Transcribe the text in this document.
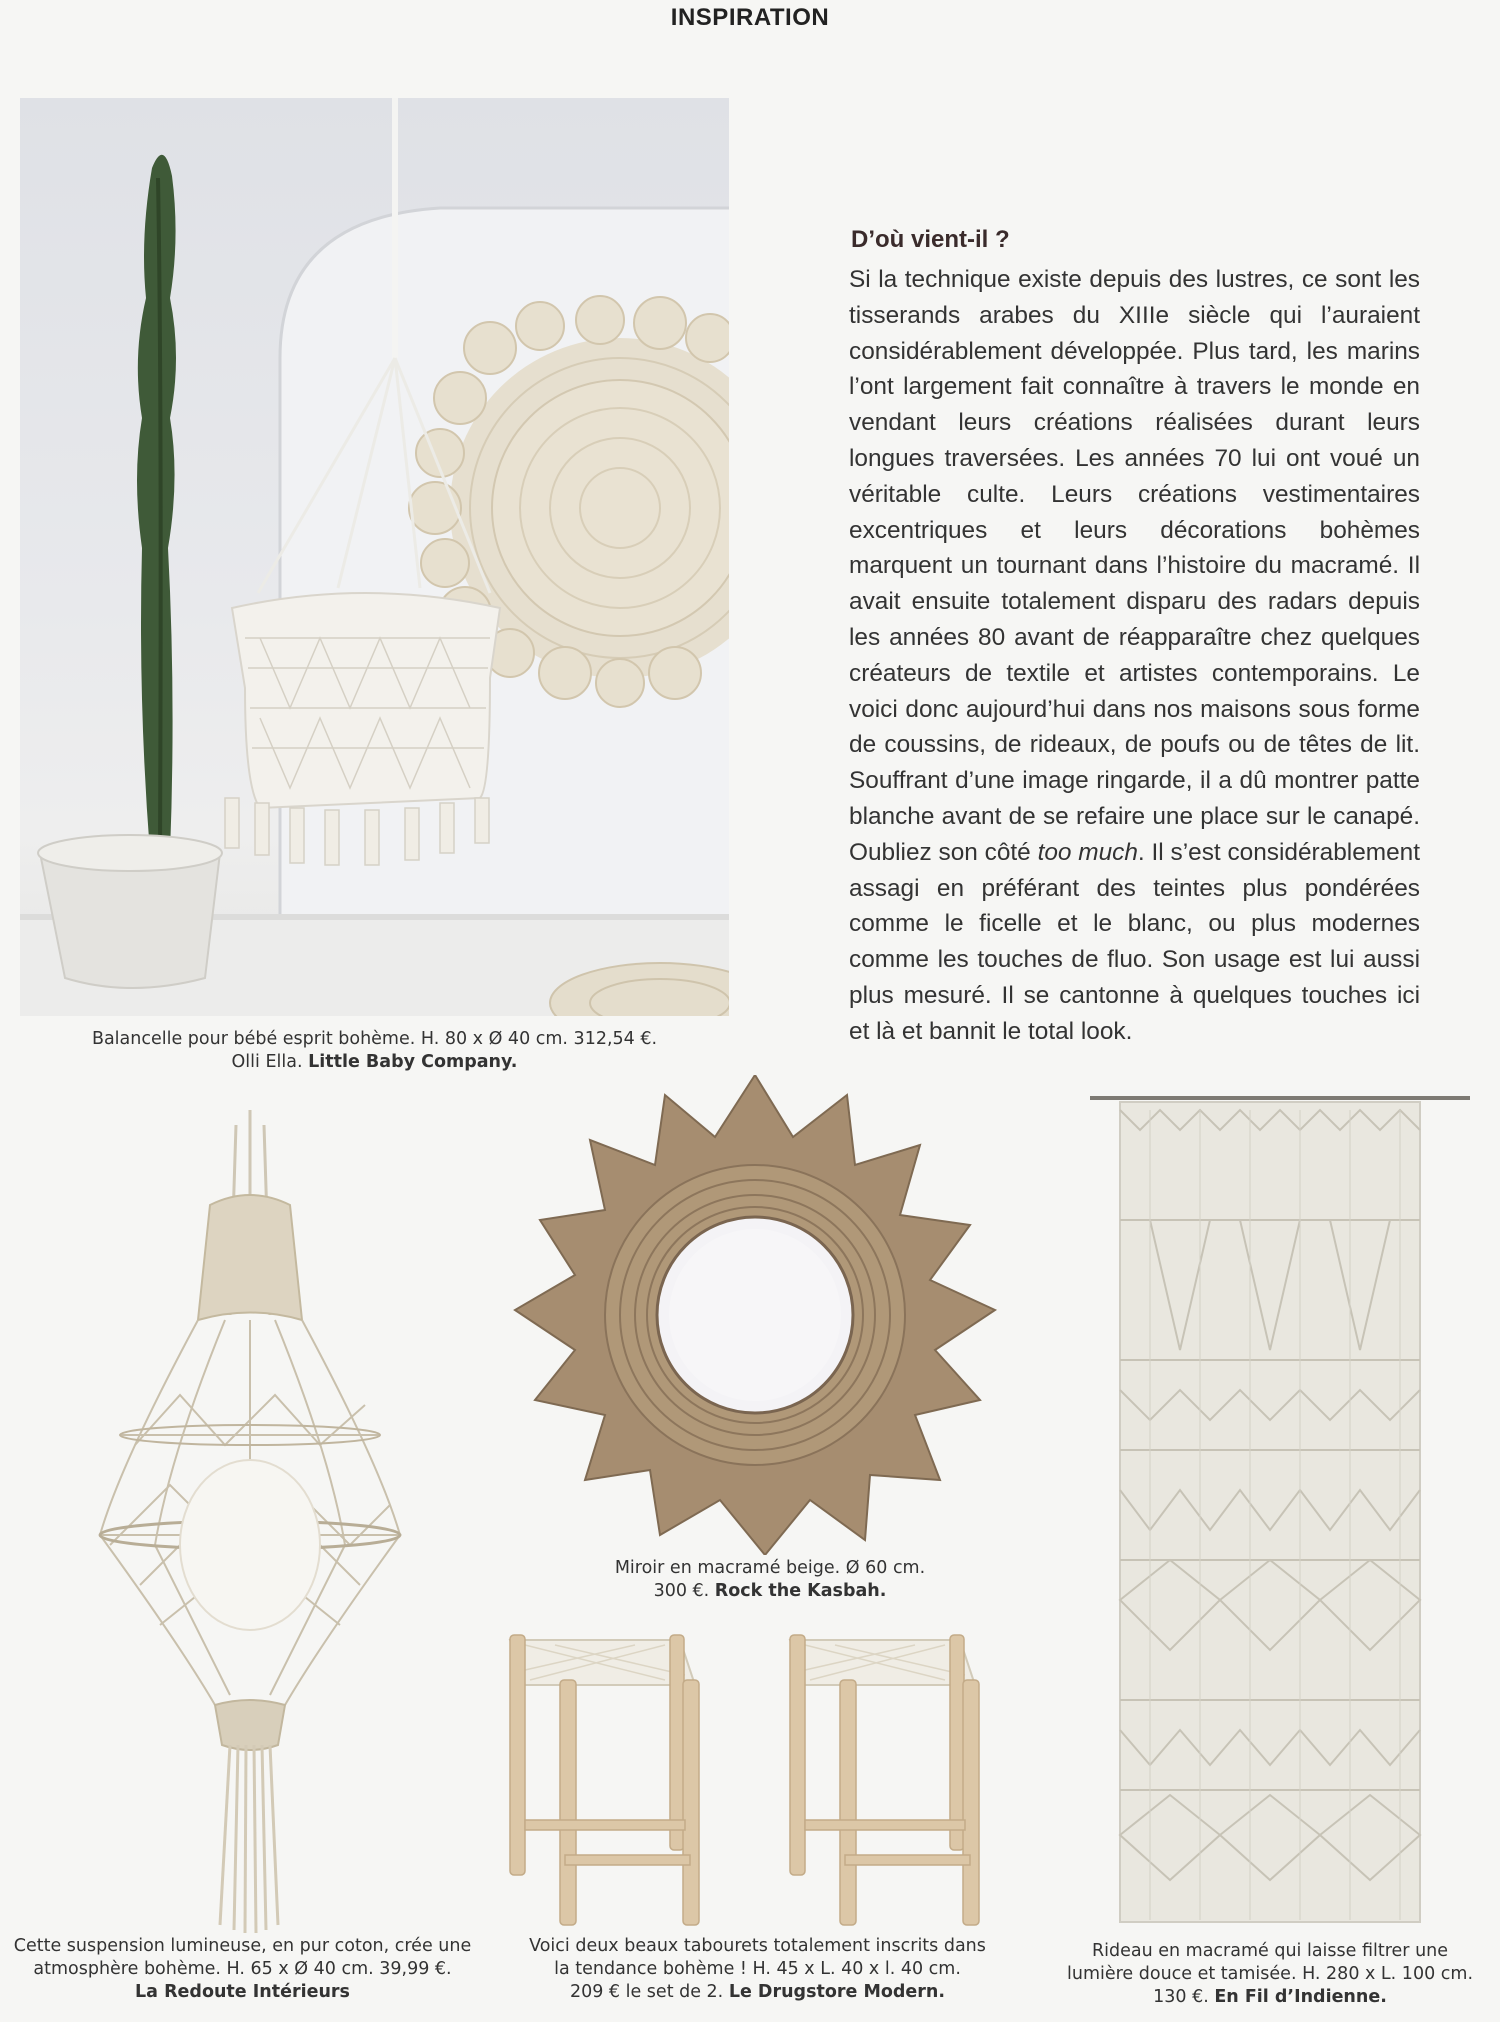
INSPIRATION
Balancelle pour bébé esprit bohème. H. 80 x Ø 40 cm. 312,54 €.
Olli Ella. Little Baby Company.
D’où vient-il ?
Si la technique existe depuis des lustres, ce sont les tisserands arabes du XIIIe siècle qui l’auraient considérablement développée. Plus tard, les marins l’ont largement fait connaître à travers le monde en vendant leurs créations réalisées durant leurs longues traversées. Les années 70 lui ont voué un véritable culte. Leurs créations vestimentaires excentriques et leurs décorations bohèmes marquent un tournant dans l’histoire du macramé. Il avait ensuite totalement disparu des radars depuis les années 80 avant de réapparaître chez quelques créateurs de textile et artistes contemporains. Le voici donc aujourd’hui dans nos maisons sous forme de coussins, de rideaux, de poufs ou de têtes de lit. Souffrant d’une image ringarde, il a dû montrer patte blanche avant de se refaire une place sur le canapé. Oubliez son côté too much. Il s’est considérablement assagi en préférant des teintes plus pondérées comme le ficelle et le blanc, ou plus modernes comme les touches de fluo. Son usage est lui aussi plus mesuré. Il se cantonne à quelques touches ici et là et bannit le total look.
Cette suspension lumineuse, en pur coton, crée une
atmosphère bohème. H. 65 x Ø 40 cm. 39,99 €.
La Redoute Intérieurs
Miroir en macramé beige. Ø 60 cm.
300 €. Rock the Kasbah.
Voici deux beaux tabourets totalement inscrits dans
la tendance bohème ! H. 45 x L. 40 x l. 40 cm.
209 € le set de 2. Le Drugstore Modern.
Rideau en macramé qui laisse filtrer une
lumière douce et tamisée. H. 280 x L. 100 cm.
130 €. En Fil d’Indienne.
